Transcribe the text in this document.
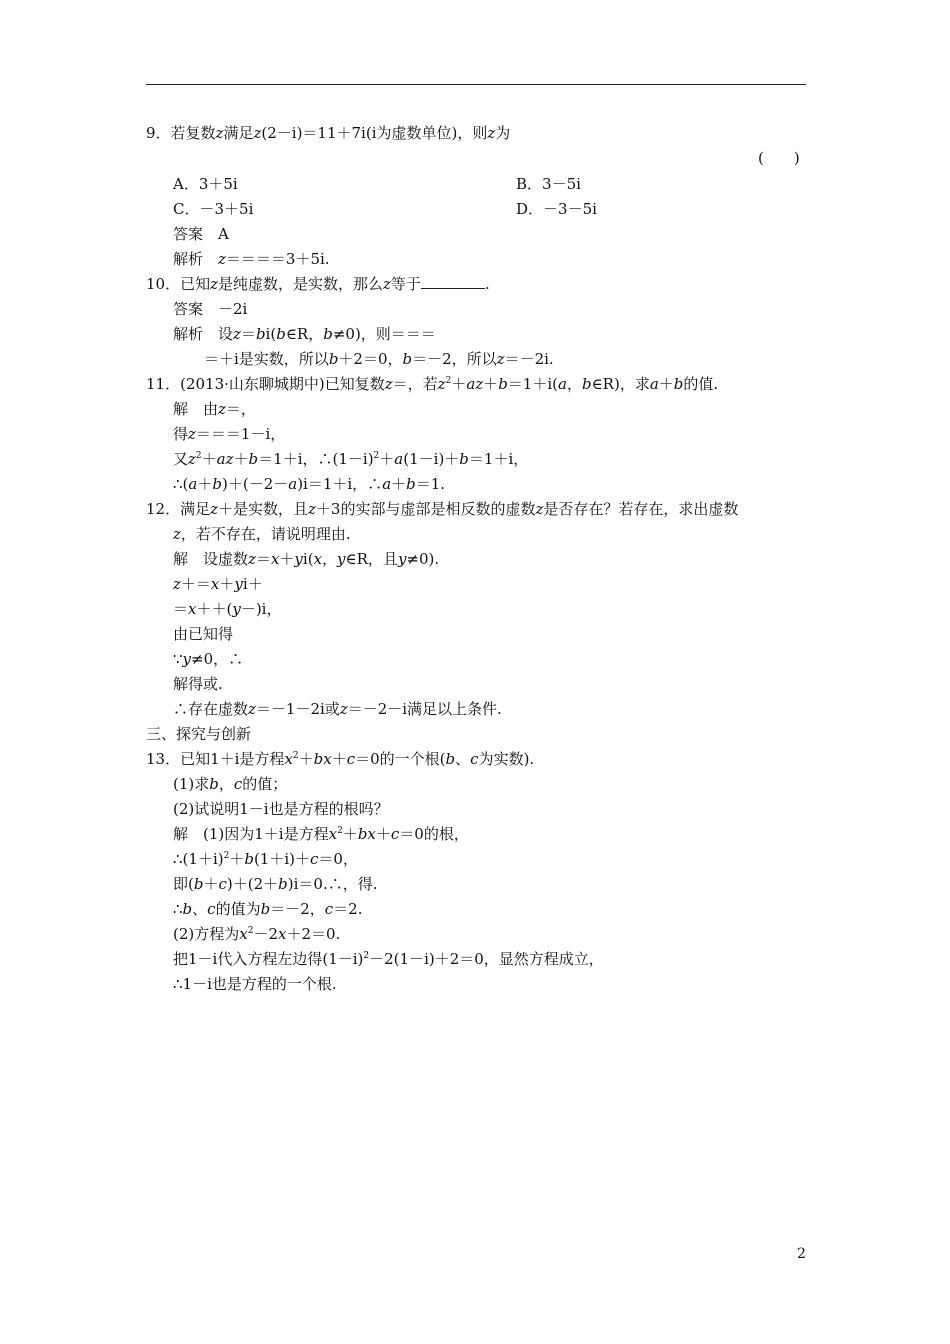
9．若复数z满足z(2－i)＝11＋7i(i为虚数单位)，则z为
(　　)
A．3＋5i	B．3－5i
C．－3＋5i	D．－3－5i
答案　A
解析　z＝＝＝＝3＋5i.
10．已知z是纯虚数，是实数，那么z等于	.
答案　－2i
解析　设z＝bi(b∈R，b≠0)，则＝＝＝
＝＋i是实数，所以b＋2＝0，b＝－2，所以z＝－2i.
11．(2013·山东聊城期中)已知复数z＝，若$z^2+az+b=1+i(a$，b∈R)，求a＋b的值.
解　由z＝，
得z＝＝＝1－i，
又$z^2+az+b=1+i$，$\therefore(1-i)^2+a(1-i)+b=1+i$，
∴(a＋b)＋(－2－a)i＝1＋i，∴a＋b＝1.
12．满足z＋是实数，且z＋3的实部与虚部是相反数的虚数z是否存在？若存在，求出虚数
z，若不存在，请说明理由.
解　设虚数z＝x＋yi(x，y∈R，且y≠0).
z＋＝x＋yi＋
＝x＋＋(y－)i，
由已知得
∵y≠0，∴
解得或.
∴存在虚数z＝－1－2i或z＝－2－i满足以上条件.
三、探究与创新
13．已知1＋i是方程$x^2+bx+c=0$的一个根(b、c为实数).
(1)求b，c的值；
(2)试说明1－i也是方程的根吗？
解　(1)因为1＋i是方程$x^2+bx+c=0$的根，
$\therefore(1+i)^2+b(1+i)+c=0$，
即(b＋c)＋(2＋b)i＝0.∴，得.
∴b、c的值为b＝－2，c＝2.
(2)方程为$x^2-2x+2=0$.
把1－i代入方程左边得$(1-i)^2-2(1-i)+2=0$，显然方程成立，
∴1－i也是方程的一个根.
2
